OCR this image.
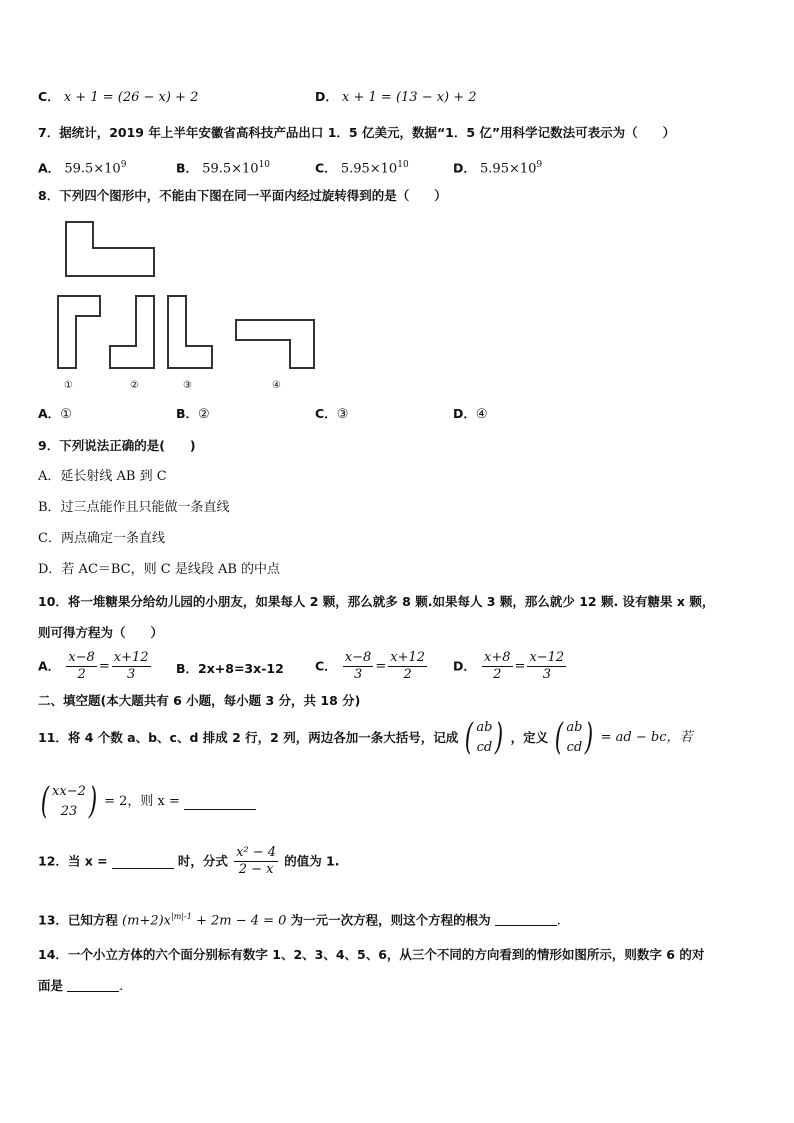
C． x + 1 = (26 − x) + 2	D． x + 1 = (13 − x) + 2
7．据统计，2019 年上半年安徽省高科技产品出口 1．5 亿美元，数据“1．5 亿”用科学记数法可表示为（　　）
A． $59.5\times 10^9$	B． $59.5\times 10^{10}$	C． $5.95\times 10^{10}$	D． $5.95\times 10^9$
8．下列四个图形中，不能由下图在同一平面内经过旋转得到的是（　　）
①	②	③	④
A．①	B．②	C．③	D．④
9．下列说法正确的是(　　)
A．延长射线 AB 到 C
B．过三点能作且只能做一条直线
C．两点确定一条直线
D．若 AC＝BC，则 C 是线段 AB 的中点
10．将一堆糖果分给幼儿园的小朋友，如果每人 2 颗，那么就多 8 颗.如果每人 3 颗，那么就少 12 颗. 设有糖果 x 颗，
则可得方程为（　　）
A． $\frac{x-8}{2} = \frac{x+12}{3}$ B．2x+8=3x-12 C． $\frac{x-8}{3} = \frac{x+12}{2}$ D． $\frac{x+8}{2} = \frac{x-12}{3}$
二、填空题(本大题共有 6 小题，每小题 3 分，共 18 分)
11．将 4 个数 a、b、c、d 排成 2 行，2 列，两边各加一条大括号，记成 ( ab
cd ) ，定义 ( ab
cd ) = ad − bc，若
( xx−2
23 ) = 2，则 x =
12．当 x =	时，分式 $\frac{\text{x² − 4}}{2 - x}$ 的值为 1.
13．已知方程 $(m+2)x^{|m|-1} + 2m - 4 = 0$ 为一元一次方程，则这个方程的根为	.
14．一个小立方体的六个面分别标有数字 1、2、3、4、5、6，从三个不同的方向看到的情形如图所示，则数字 6 的对
面是	.
